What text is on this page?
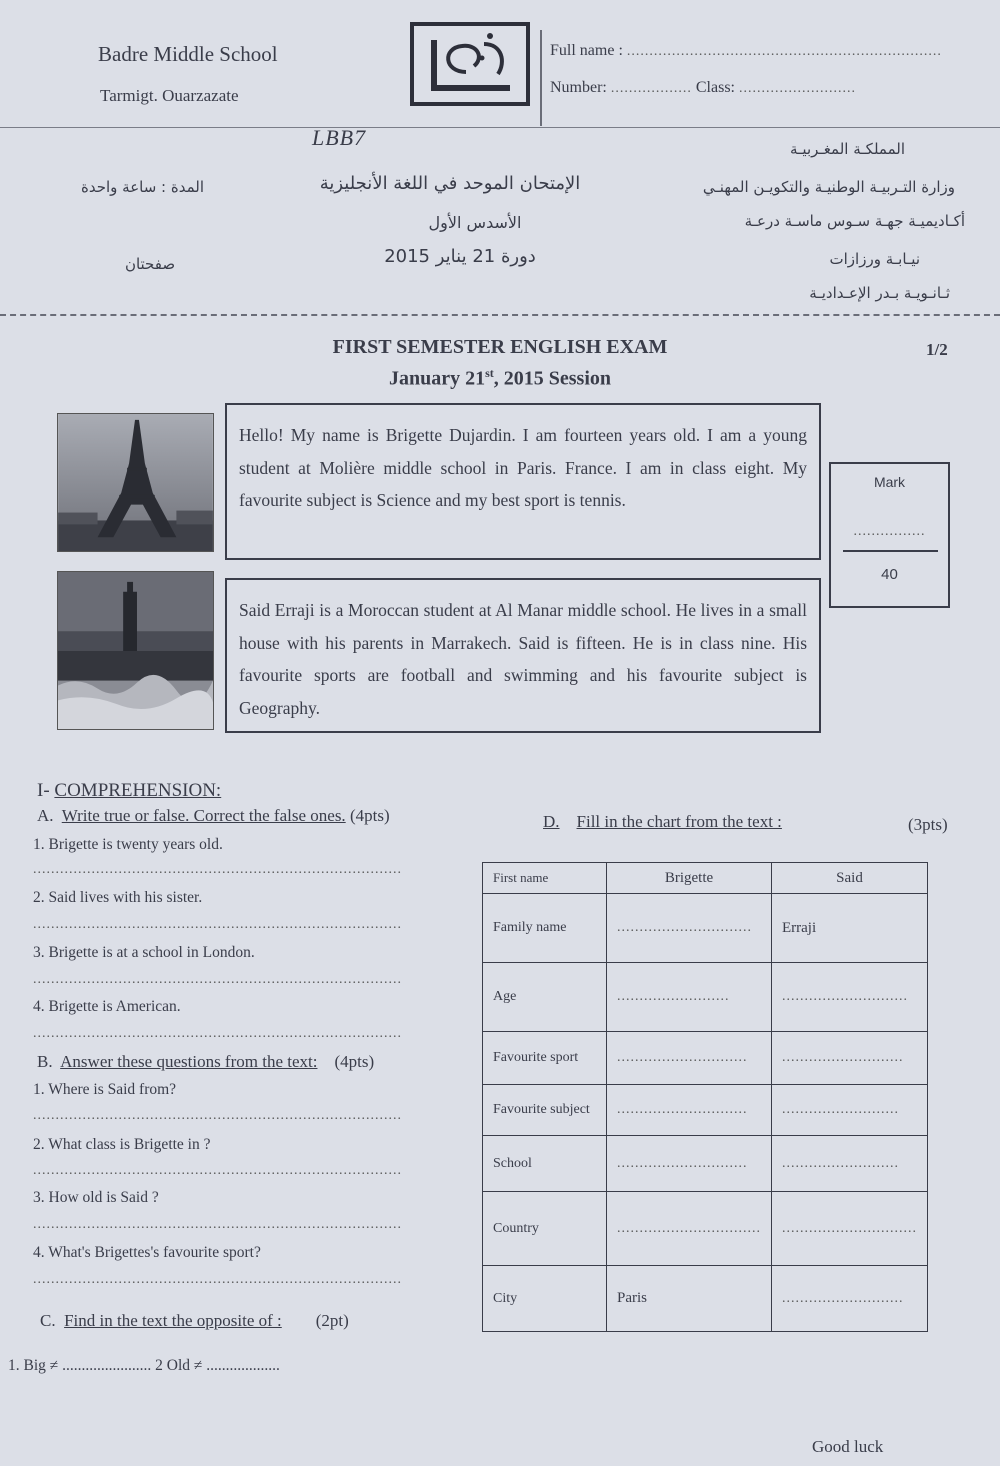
Badre Middle School
Tarmigt. Ouarzazate
Full name : ......................................................................
Number: .................. Class: ..........................
LBB7	المملكـة المغـربيـة
وزارة التـربيـة الوطنيـة والتكويـن المهنـي
أكـاديميـة جهـة سـوس ماسـة درعـة
نيـابـة ورزازات
ثـانـويـة بـدر الإعـداديـة
الإمتحان الموحد في اللغة الأنجليزية
الأسدس الأول
دورة 21 يناير 2015
المدة : ساعة واحدة
صفحتان
FIRST SEMESTER ENGLISH EXAM
January 21st, 2015 Session
1/2
Hello! My name is Brigette Dujardin. I am fourteen years old. I am a young student at Molière middle school in Paris. France. I am in class eight. My favourite subject is Science and my best sport is tennis.
Said Erraji is a Moroccan student at Al Manar middle school. He lives in a small house with his parents in Marrakech. Said is fifteen. He is in class nine. His favourite sports are football and swimming and his favourite subject is Geography.
Mark
................
40
I- COMPREHENSION:
A. Write true or false. Correct the false ones. (4pts)
1. Brigette is twenty years old.
..................................................................................
2. Said lives with his sister.
..................................................................................
3. Brigette is at a school in London.
..................................................................................
4. Brigette is American.
..................................................................................
B. Answer these questions from the text: (4pts)
1. Where is Said from?
..................................................................................
2. What class is Brigette in ?
..................................................................................
3. How old is Said ?
..................................................................................
4. What's Brigettes's favourite sport?
..................................................................................
C. Find in the text the opposite of : (2pt)
1. Big ≠ ....................... 2 Old ≠ ...................
D. Fill in the chart from the text :	(3pts)
First name	Brigette	Said
Family name	..............................	Erraji
Age	.........................	............................
Favourite sport	.............................	...........................
Favourite subject	.............................	..........................
School	.............................	..........................
Country	................................	..............................
City	Paris	...........................
Good luck
